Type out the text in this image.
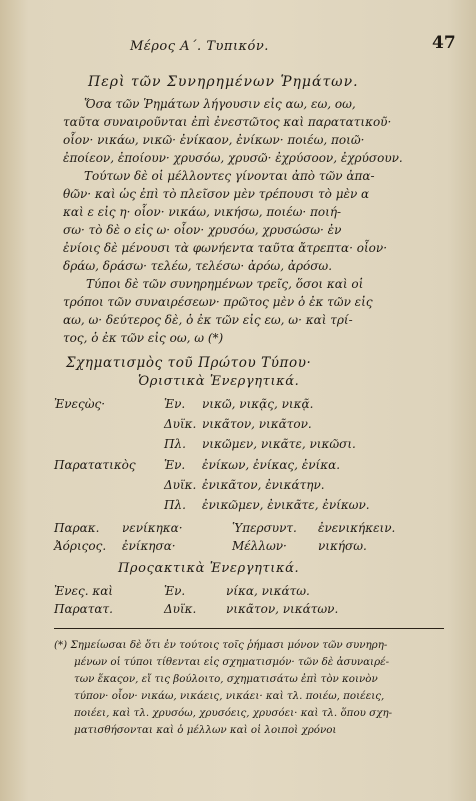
Μέρος Α΄. Τυπικόν.	47
Περὶ τῶν Συνηρημένων Ῥημάτων.
Ὅσα τῶν Ῥημάτων λήγουσιν εἰς αω, εω, οω,
ταῦτα συναιροῦνται ἐπὶ ἐνεστῶτος καὶ παρατατικοῦ·
οἷον· νικάω, νικῶ· ἐνίκαον, ἐνίκων· ποιέω, ποιῶ·
ἐποίεον, ἐποίουν· χρυσόω, χρυσῶ· ἐχρύσοον, ἐχρύσουν.
Τούτων δὲ οἱ μέλλοντες γίνονται ἀπὸ τῶν ἀπα-
θῶν· καὶ ὡς ἐπὶ τὸ πλεῖσον μὲν τρέπουσι τὸ μὲν α
καὶ ε εἰς η· οἷον· νικάω, νικήσω, ποιέω· ποιή-
σω· τὸ δὲ ο εἰς ω· οἷον· χρυσόω, χρυσώσω· ἐν
ἐνίοις δὲ μένουσι τὰ φωνήεντα ταῦτα ἄτρεπτα· οἷον·
δράω, δράσω· τελέω, τελέσω· ἀρόω, ἀρόσω.
Τύποι δὲ τῶν συνηρημένων τρεῖς, ὅσοι καὶ οἱ
τρόποι τῶν συναιρέσεων· πρῶτος μὲν ὁ ἐκ τῶν εἰς
αω, ω· δεύτερος δὲ, ὁ ἐκ τῶν εἰς εω, ω· καὶ τρί-
τος, ὁ ἐκ τῶν εἰς οω, ω (*)
Σχηματισμὸς τοῦ Πρώτου Τύπου·
Ὁριστικὰ Ἐνεργητικά.
Ἐνεςὼς·	Ἑν. νικῶ, νικᾷς, νικᾷ.
Δυϊκ. νικᾶτον, νικᾶτον.
Πλ. νικῶμεν, νικᾶτε, νικῶσι.
Παρατατικὸς Ἑν. ἐνίκων, ἐνίκας, ἐνίκα.
Δυϊκ. ἐνικᾶτον, ἐνικάτην.
Πλ. ἐνικῶμεν, ἐνικᾶτε, ἐνίκων.
Παρακ. νενίκηκα·	Ὑπερσυντ. ἐνενικήκειν.
Ἀόριςος. ἐνίκησα·	Μέλλων·	νικήσω.
Προςακτικὰ Ἐνεργητικά.
Ἐνες. καὶ	Ἑν.	νίκα, νικάτω.
Παρατατ.	Δυϊκ. νικᾶτον, νικάτων.
(*) Σημείωσαι δὲ ὅτι ἐν τούτοις τοῖς ῥήμασι μόνον τῶν συνηρη-
μένων οἱ τύποι τίθενται εἰς σχηματισμόν· τῶν δὲ ἀσυναιρέ-
των ἕκαςον, εἴ τις βούλοιτο, σχηματισάτω ἐπὶ τὸν κοινὸν
τύπον· οἷον· νικάω, νικάεις, νικάει· καὶ τλ. ποιέω, ποιέεις,
ποιέει, καὶ τλ. χρυσόω, χρυσόεις, χρυσόει· καὶ τλ. ὅπου σχη-
ματισθήσονται καὶ ὁ μέλλων καὶ οἱ λοιποὶ χρόνοι
